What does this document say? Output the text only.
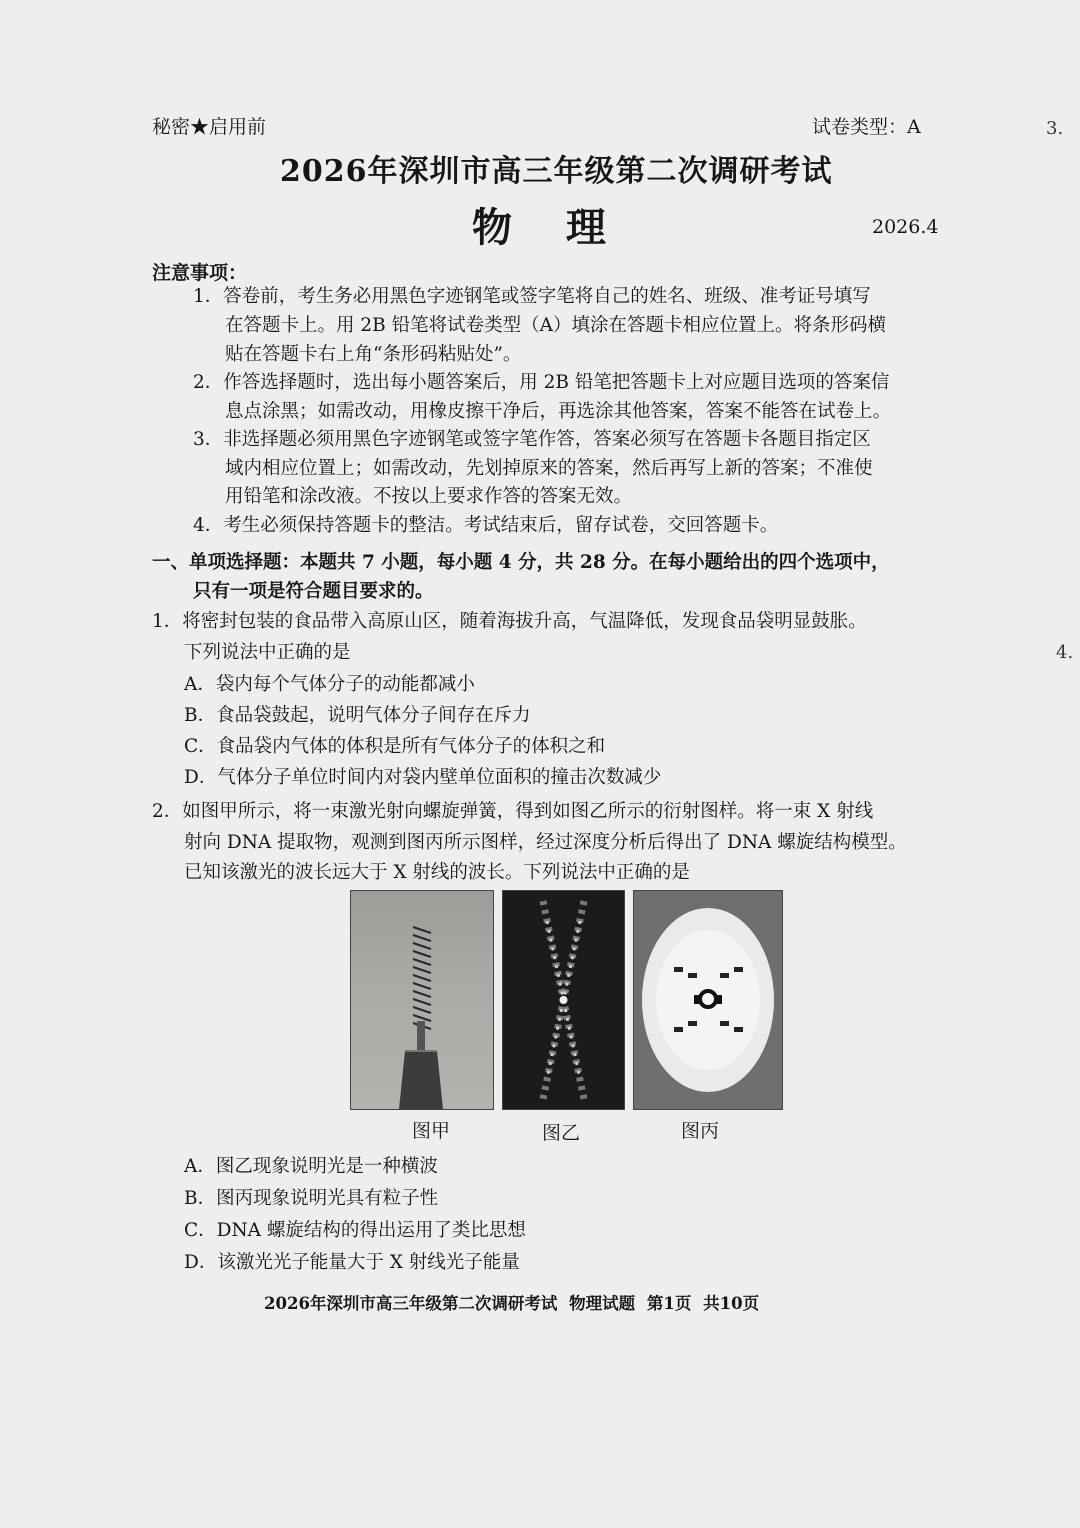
秘密★启用前	试卷类型：A	3.
4.
2026年深圳市高三年级第二次调研考试
物 理	2026.4
注意事项：
1．答卷前，考生务必用黑色字迹钢笔或签字笔将自己的姓名、班级、准考证号填写
在答题卡上。用 2B 铅笔将试卷类型（A）填涂在答题卡相应位置上。将条形码横
贴在答题卡右上角“条形码粘贴处”。
2．作答选择题时，选出每小题答案后，用 2B 铅笔把答题卡上对应题目选项的答案信
息点涂黑；如需改动，用橡皮擦干净后，再选涂其他答案，答案不能答在试卷上。
3．非选择题必须用黑色字迹钢笔或签字笔作答，答案必须写在答题卡各题目指定区
域内相应位置上；如需改动，先划掉原来的答案，然后再写上新的答案；不准使
用铅笔和涂改液。不按以上要求作答的答案无效。
4．考生必须保持答题卡的整洁。考试结束后，留存试卷，交回答题卡。
一、单项选择题：本题共 7 小题，每小题 4 分，共 28 分。在每小题给出的四个选项中，
只有一项是符合题目要求的。
1．将密封包装的食品带入高原山区，随着海拔升高，气温降低，发现食品袋明显鼓胀。
下列说法中正确的是
A．袋内每个气体分子的动能都减小
B．食品袋鼓起，说明气体分子间存在斥力
C．食品袋内气体的体积是所有气体分子的体积之和
D．气体分子单位时间内对袋内壁单位面积的撞击次数减少
2．如图甲所示，将一束激光射向螺旋弹簧，得到如图乙所示的衍射图样。将一束 X 射线
射向 DNA 提取物，观测到图丙所示图样，经过深度分析后得出了 DNA 螺旋结构模型。
已知该激光的波长远大于 X 射线的波长。下列说法中正确的是
图甲	图乙	图丙
A．图乙现象说明光是一种横波
B．图丙现象说明光具有粒子性
C．DNA 螺旋结构的得出运用了类比思想
D．该激光光子能量大于 X 射线光子能量
2026年深圳市高三年级第二次调研考试 物理试题 第1页 共10页
